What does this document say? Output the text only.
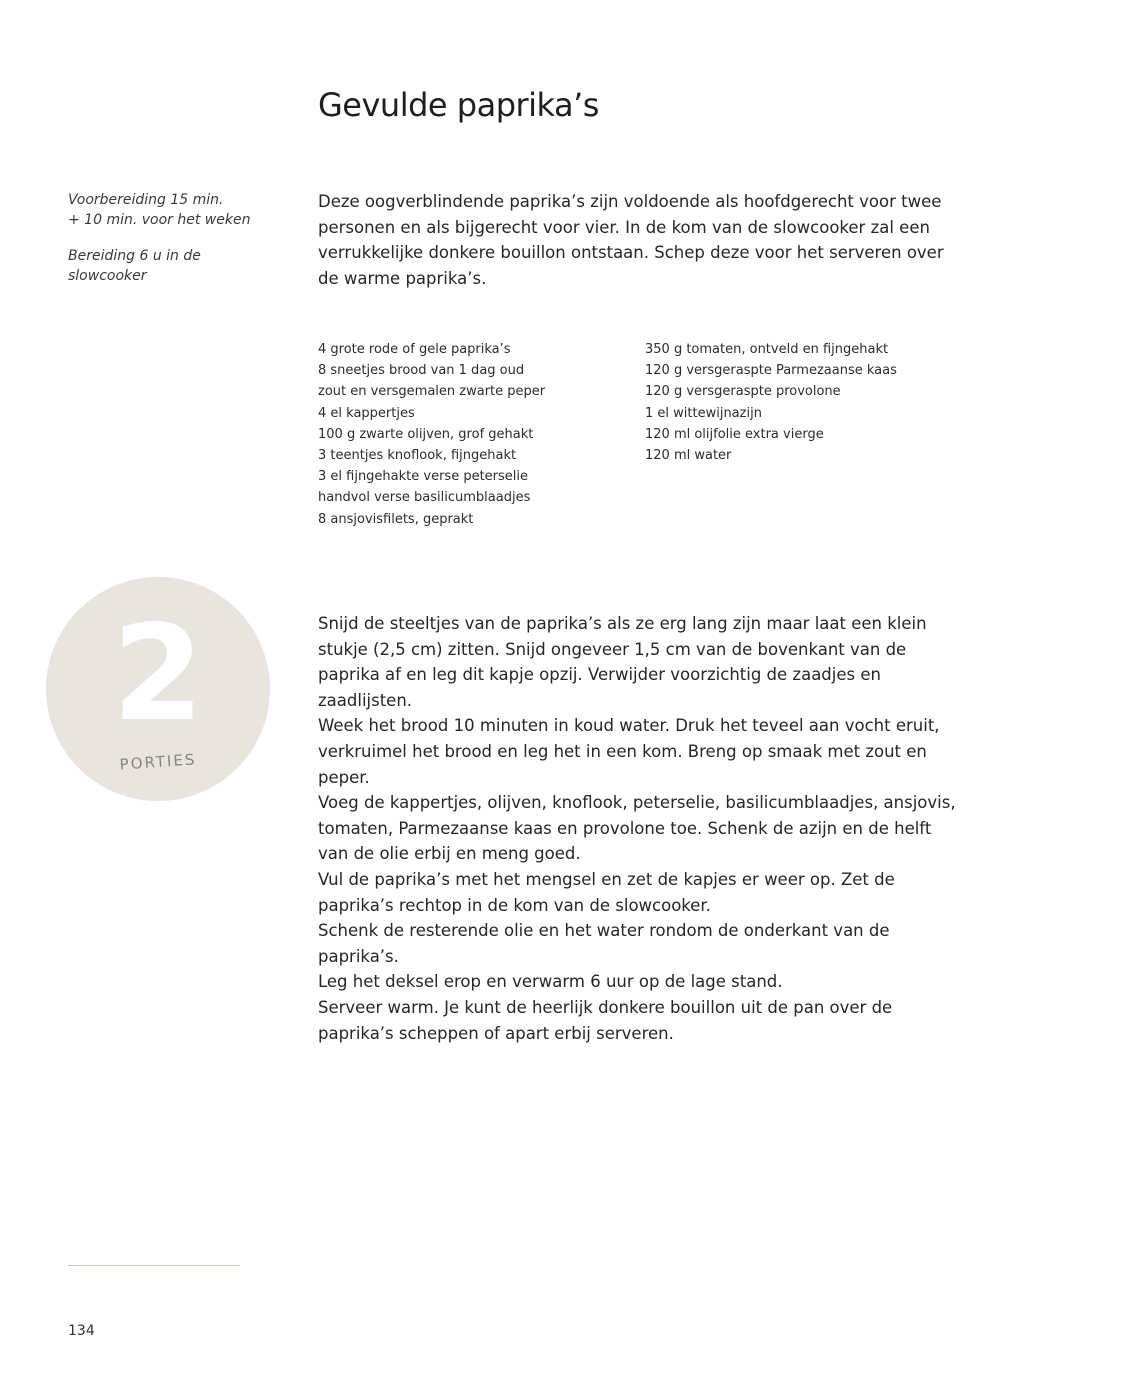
Gevulde paprika’s
Voorbereiding 15 min.
+ 10 min. voor het weken
Bereiding 6 u in de
slowcooker
Deze oogverblindende paprika’s zijn voldoende als hoofdgerecht voor twee
personen en als bijgerecht voor vier. In de kom van de slowcooker zal een
verrukkelijke donkere bouillon ontstaan. Schep deze voor het serveren over
de warme paprika’s.
4 grote rode of gele paprika’s
8 sneetjes brood van 1 dag oud
zout en versgemalen zwarte peper
4 el kappertjes
100 g zwarte olijven, grof gehakt
3 teentjes knoflook, fijngehakt
3 el fijngehakte verse peterselie
handvol verse basilicumblaadjes
8 ansjovisfilets, geprakt
350 g tomaten, ontveld en fijngehakt
120 g versgeraspte Parmezaanse kaas
120 g versgeraspte provolone
1 el wittewijnazijn
120 ml olijfolie extra vierge
120 ml water
2
PORTIES
Snijd de steeltjes van de paprika’s als ze erg lang zijn maar laat een klein
stukje (2,5 cm) zitten. Snijd ongeveer 1,5 cm van de bovenkant van de
paprika af en leg dit kapje opzij. Verwijder voorzichtig de zaadjes en
zaadlijsten.
Week het brood 10 minuten in koud water. Druk het teveel aan vocht eruit,
verkruimel het brood en leg het in een kom. Breng op smaak met zout en
peper.
Voeg de kappertjes, olijven, knoflook, peterselie, basilicumblaadjes, ansjovis,
tomaten, Parmezaanse kaas en provolone toe. Schenk de azijn en de helft
van de olie erbij en meng goed.
Vul de paprika’s met het mengsel en zet de kapjes er weer op. Zet de
paprika’s rechtop in de kom van de slowcooker.
Schenk de resterende olie en het water rondom de onderkant van de
paprika’s.
Leg het deksel erop en verwarm 6 uur op de lage stand.
Serveer warm. Je kunt de heerlijk donkere bouillon uit de pan over de
paprika’s scheppen of apart erbij serveren.
134
